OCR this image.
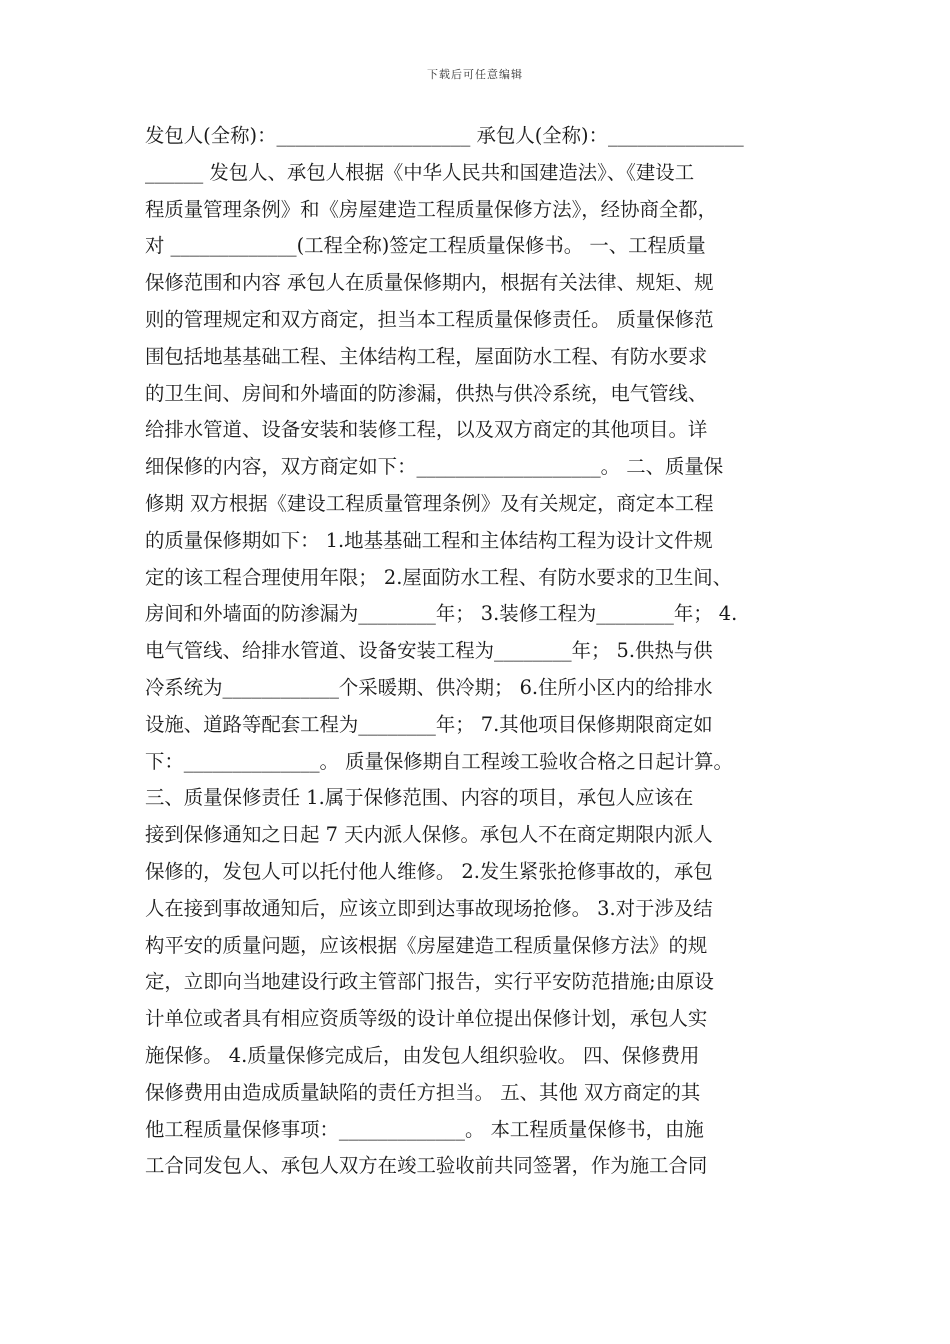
下载后可任意编辑
发包人(全称)：____________________ 承包人(全称)：______________
______ 发包人、承包人根据《中华人民共和国建造法》、《建设工
程质量管理条例》和《房屋建造工程质量保修方法》，经协商全都，
对 _____________(工程全称)签定工程质量保修书。 一、工程质量
保修范围和内容 承包人在质量保修期内，根据有关法律、规矩、规
则的管理规定和双方商定，担当本工程质量保修责任。 质量保修范
围包括地基基础工程、主体结构工程，屋面防水工程、有防水要求
的卫生间、房间和外墙面的防渗漏，供热与供冷系统，电气管线、
给排水管道、设备安装和装修工程，以及双方商定的其他项目。详
细保修的内容，双方商定如下：___________________。 二、质量保
修期 双方根据《建设工程质量管理条例》及有关规定，商定本工程
的质量保修期如下： 1.地基基础工程和主体结构工程为设计文件规
定的该工程合理使用年限； 2.屋面防水工程、有防水要求的卫生间、
房间和外墙面的防渗漏为________年； 3.装修工程为________年； 4.
电气管线、给排水管道、设备安装工程为________年； 5.供热与供
冷系统为____________个采暖期、供冷期； 6.住所小区内的给排水
设施、道路等配套工程为________年； 7.其他项目保修期限商定如
下：______________。 质量保修期自工程竣工验收合格之日起计算。
三、质量保修责任 1.属于保修范围、内容的项目，承包人应该在
接到保修通知之日起 7 天内派人保修。承包人不在商定期限内派人
保修的，发包人可以托付他人维修。 2.发生紧张抢修事故的，承包
人在接到事故通知后，应该立即到达事故现场抢修。 3.对于涉及结
构平安的质量问题，应该根据《房屋建造工程质量保修方法》的规
定，立即向当地建设行政主管部门报告，实行平安防范措施;由原设
计单位或者具有相应资质等级的设计单位提出保修计划，承包人实
施保修。 4.质量保修完成后，由发包人组织验收。 四、保修费用
保修费用由造成质量缺陷的责任方担当。 五、其他 双方商定的其
他工程质量保修事项：_____________。 本工程质量保修书，由施
工合同发包人、承包人双方在竣工验收前共同签署，作为施工合同
